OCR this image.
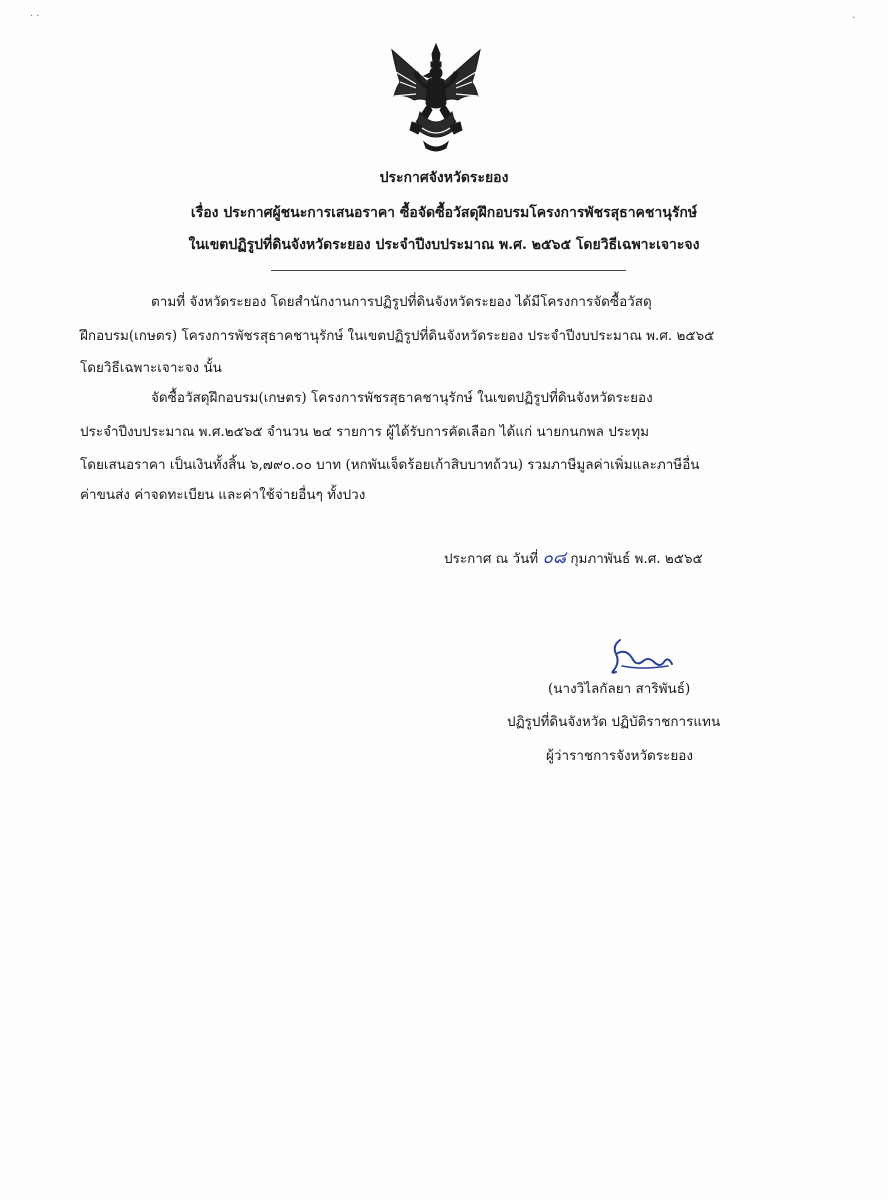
· ·	·
ประกาศจังหวัดระยอง
เรื่อง ประกาศผู้ชนะการเสนอราคา ซื้อจัดซื้อวัสดุฝึกอบรมโครงการพัชรสุธาคชานุรักษ์
ในเขตปฏิรูปที่ดินจังหวัดระยอง ประจำปีงบประมาณ พ.ศ. ๒๕๖๕ โดยวิธีเฉพาะเจาะจง
ตามที่ จังหวัดระยอง โดยสำนักงานการปฏิรูปที่ดินจังหวัดระยอง ได้มีโครงการจัดซื้อวัสดุ
ฝึกอบรม(เกษตร) โครงการพัชรสุธาคชานุรักษ์ ในเขตปฏิรูปที่ดินจังหวัดระยอง ประจำปีงบประมาณ พ.ศ. ๒๕๖๕
โดยวิธีเฉพาะเจาะจง นั้น
จัดซื้อวัสดุฝึกอบรม(เกษตร) โครงการพัชรสุธาคชานุรักษ์ ในเขตปฏิรูปที่ดินจังหวัดระยอง
ประจำปีงบประมาณ พ.ศ.๒๕๖๕ จำนวน ๒๔ รายการ ผู้ได้รับการคัดเลือก ได้แก่ นายกนกพล ประทุม
โดยเสนอราคา เป็นเงินทั้งสิ้น ๖,๗๙๐.๐๐ บาท (หกพันเจ็ดร้อยเก้าสิบบาทถ้วน) รวมภาษีมูลค่าเพิ่มและภาษีอื่น
ค่าขนส่ง ค่าจดทะเบียน และค่าใช้จ่ายอื่นๆ ทั้งปวง
ประกาศ ณ วันที่ ๐๘ กุมภาพันธ์ พ.ศ. ๒๕๖๕
(นางวิไลกัลยา สาริพันธ์)
ปฏิรูปที่ดินจังหวัด ปฏิบัติราชการแทน
ผู้ว่าราชการจังหวัดระยอง
